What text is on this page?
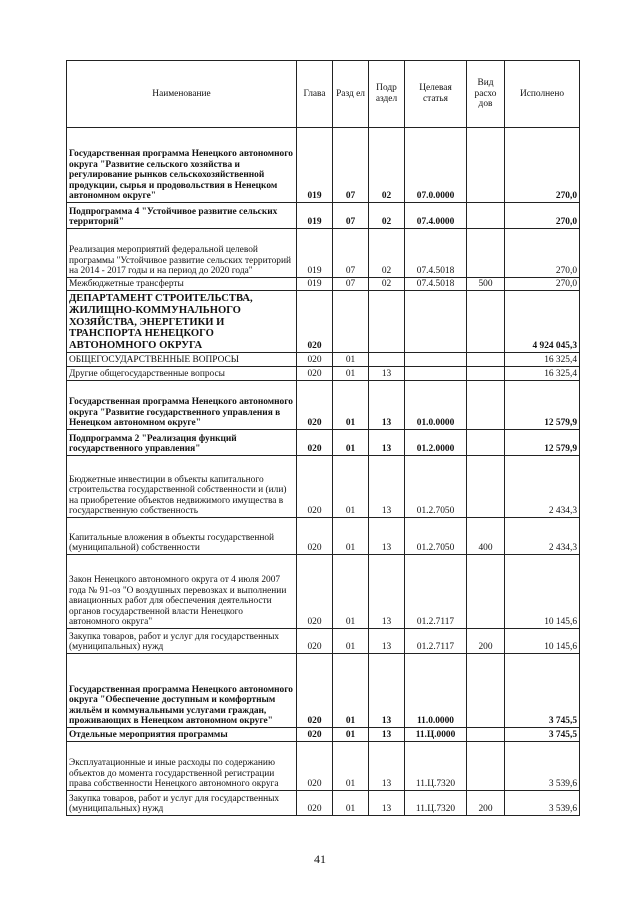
Наименование	Глава	Разд ел	Подр аздел	Целевая статья	Вид расхо дов	Исполнено
Государственная программа Ненецкого автономного округа "Развитие сельского хозяйства и регулирование рынков сельскохозяйственной продукции, сырья и продовольствия в Ненецком автономном округе"	019	07	02	07.0.0000		270,0
Подпрограмма 4 "Устойчивое развитие сельских территорий"	019	07	02	07.4.0000		270,0
Реализация мероприятий федеральной целевой программы "Устойчивое развитие сельских территорий на 2014 - 2017 годы и на период до 2020 года"	019	07	02	07.4.5018		270,0
Межбюджетные трансферты	019	07	02	07.4.5018	500	270,0
ДЕПАРТАМЕНТ СТРОИТЕЛЬСТВА, ЖИЛИЩНО-КОММУНАЛЬНОГО ХОЗЯЙСТВА, ЭНЕРГЕТИКИ И ТРАНСПОРТА НЕНЕЦКОГО АВТОНОМНОГО ОКРУГА	020					4 924 045,3
ОБЩЕГОСУДАРСТВЕННЫЕ ВОПРОСЫ	020	01				16 325,4
Другие общегосударственные вопросы	020	01	13			16 325,4
Государственная программа Ненецкого автономного округа "Развитие государственного управления в Ненецком автономном округе"	020	01	13	01.0.0000		12 579,9
Подпрограмма 2 "Реализация функций государственного управления"	020	01	13	01.2.0000		12 579,9
Бюджетные инвестиции в объекты капитального строительства государственной собственности и (или) на приобретение объектов недвижимого имущества в государственную собственность	020	01	13	01.2.7050		2 434,3
Капитальные вложения в объекты государственной (муниципальной) собственности	020	01	13	01.2.7050	400	2 434,3
Закон Ненецкого автономного округа от 4 июля 2007 года № 91-оз "О воздушных перевозках и выполнении авиационных работ для обеспечения деятельности органов государственной власти Ненецкого автономного округа"	020	01	13	01.2.7117		10 145,6
Закупка товаров, работ и услуг для государственных (муниципальных) нужд	020	01	13	01.2.7117	200	10 145,6
Государственная программа Ненецкого автономного округа "Обеспечение доступным и комфортным жильём и коммунальными услугами граждан, проживающих в Ненецком автономном округе"	020	01	13	11.0.0000		3 745,5
Отдельные мероприятия программы	020	01	13	11.Ц.0000		3 745,5
Эксплуатационные и иные расходы по содержанию объектов до момента государственной регистрации права собственности Ненецкого автономного округа	020	01	13	11.Ц.7320		3 539,6
Закупка товаров, работ и услуг для государственных (муниципальных) нужд	020	01	13	11.Ц.7320	200	3 539,6
41
